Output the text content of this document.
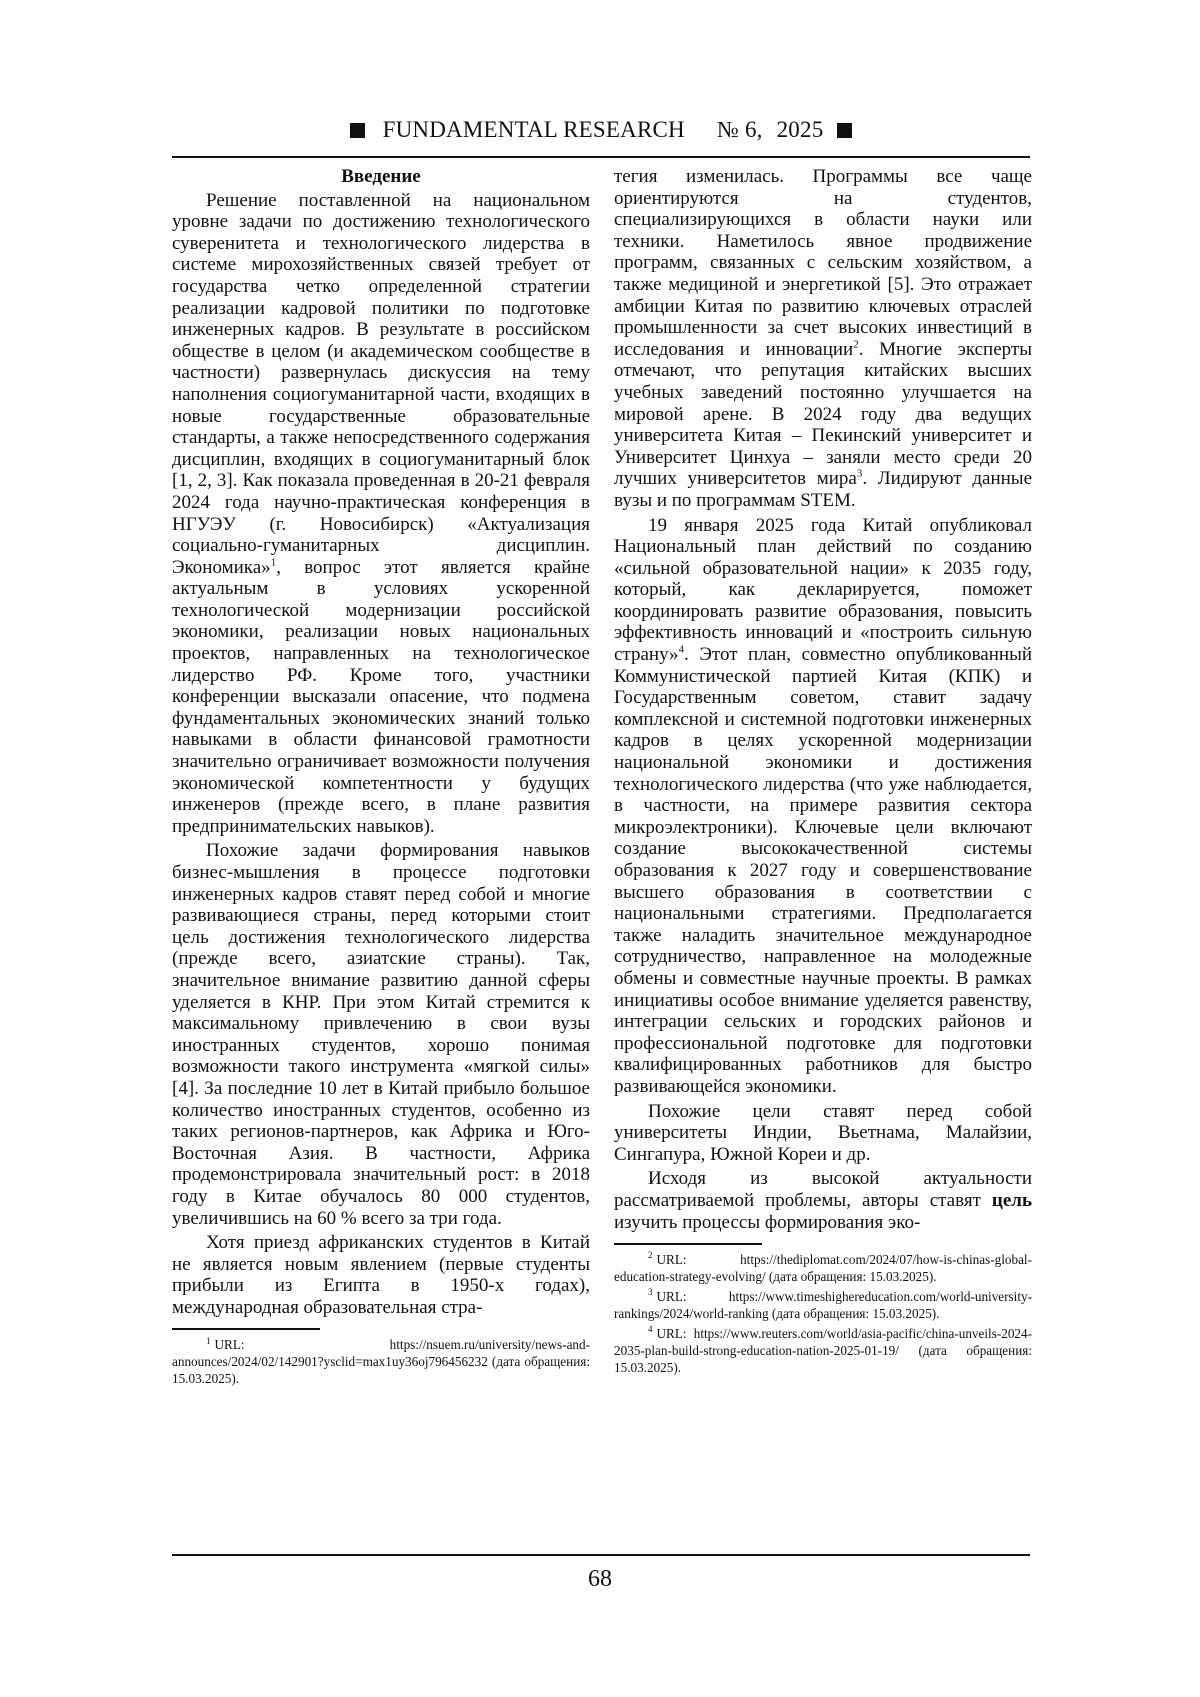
FUNDAMENTAL RESEARCH № 6, 2025
Введение

Решение поставленной на национальном уровне задачи по достижению технологического суверенитета и технологического лидерства в системе мирохозяйственных связей требует от государства четко определенной стратегии реализации кадровой политики по подготовке инженерных кадров. В результате в российском обществе в целом (и академическом сообществе в частности) развернулась дискуссия на тему наполнения социогуманитарной части, входящих в новые государственные образовательные стандарты, а также непосредственного содержания дисциплин, входящих в социогуманитарный блок [1, 2, 3]. Как показала проведенная в 20-21 февраля 2024 года научно-практическая конференция в НГУЭУ (г. Новосибирск) «Актуализация социально-гуманитарных дисциплин. Экономика»$^1$, вопрос этот является крайне актуальным в условиях ускоренной технологической модернизации российской экономики, реализации новых национальных проектов, направленных на технологическое лидерство РФ. Кроме того, участники конференции высказали опасение, что подмена фундаментальных экономических знаний только навыками в области финансовой грамотности значительно ограничивает возможности получения экономической компетентности у будущих инженеров (прежде всего, в плане развития предпринимательских навыков).

Похожие задачи формирования навыков бизнес-мышления в процессе подготовки инженерных кадров ставят перед собой и многие развивающиеся страны, перед которыми стоит цель достижения технологического лидерства (прежде всего, азиатские страны). Так, значительное внимание развитию данной сферы уделяется в КНР. При этом Китай стремится к максимальному привлечению в свои вузы иностранных студентов, хорошо понимая возможности такого инструмента «мягкой силы» [4]. За последние 10 лет в Китай прибыло большое количество иностранных студентов, особенно из таких регионов-партнеров, как Африка и Юго-Восточная Азия. В частности, Африка продемонстрировала значительный рост: в 2018 году в Китае обучалось 80 000 студентов, увеличившись на 60 % всего за три года.

Хотя приезд африканских студентов в Китай не является новым явлением (первые студенты прибыли из Египта в 1950-х годах), международная образовательная стра-

$^1$ URL: https://nsuem.ru/university/news-and-announces/2024/02/142901?ysclid=max1uy36oj796456232 (дата обращения: 15.03.2025).

тегия изменилась. Программы все чаще ориентируются на студентов, специализирующихся в области науки или техники. Наметилось явное продвижение программ, связанных с сельским хозяйством, а также медициной и энергетикой [5]. Это отражает амбиции Китая по развитию ключевых отраслей промышленности за счет высоких инвестиций в исследования и инновации$^2$. Многие эксперты отмечают, что репутация китайских высших учебных заведений постоянно улучшается на мировой арене. В 2024 году два ведущих университета Китая – Пекинский университет и Университет Цинхуа – заняли место среди 20 лучших университетов мира$^3$. Лидируют данные вузы и по программам STEM.

19 января 2025 года Китай опубликовал Национальный план действий по созданию «сильной образовательной нации» к 2035 году, который, как декларируется, поможет координировать развитие образования, повысить эффективность инноваций и «построить сильную страну»$^4$. Этот план, совместно опубликованный Коммунистической партией Китая (КПК) и Государственным советом, ставит задачу комплексной и системной подготовки инженерных кадров в целях ускоренной модернизации национальной экономики и достижения технологического лидерства (что уже наблюдается, в частности, на примере развития сектора микроэлектроники). Ключевые цели включают создание высококачественной системы образования к 2027 году и совершенствование высшего образования в соответствии с национальными стратегиями. Предполагается также наладить значительное международное сотрудничество, направленное на молодежные обмены и совместные научные проекты. В рамках инициативы особое внимание уделяется равенству, интеграции сельских и городских районов и профессиональной подготовке для подготовки квалифицированных работников для быстро развивающейся экономики.

Похожие цели ставят перед собой университеты Индии, Вьетнама, Малайзии, Сингапура, Южной Кореи и др.

Исходя из высокой актуальности рассматриваемой проблемы, авторы ставят цель изучить процессы формирования эко-

$^2$ URL: https://thediplomat.com/2024/07/how-is-chinas-global-education-strategy-evolving/ (дата обращения: 15.03.2025).

$^3$ URL: https://www.timeshighereducation.com/world-university-rankings/2024/world-ranking (дата обращения: 15.03.2025).

$^4$ URL: https://www.reuters.com/world/asia-pacific/china-unveils-2024-2035-plan-build-strong-education-nation-2025-01-19/ (дата обращения: 15.03.2025).

68
